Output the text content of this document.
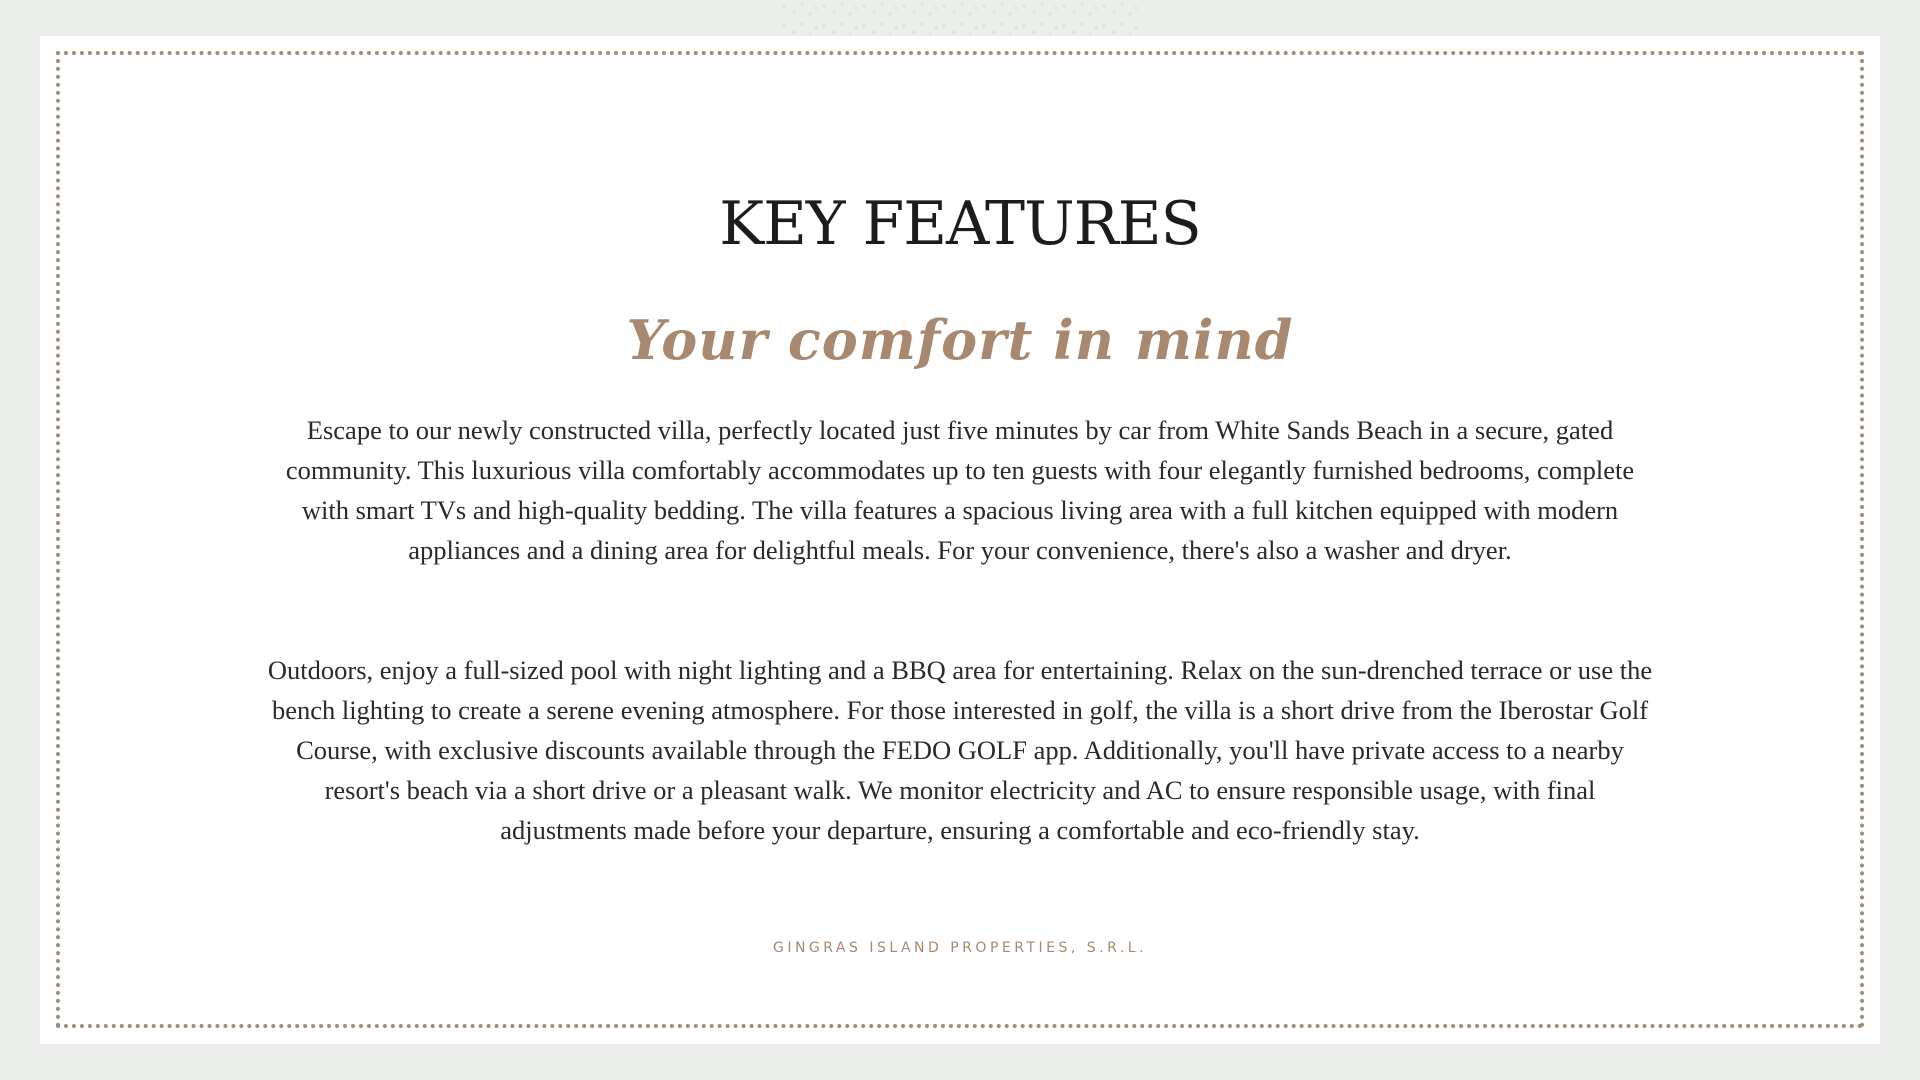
KEY FEATURES
Your comfort in mind

Escape to our newly constructed villa, perfectly located just five minutes by car from White Sands Beach in a secure, gated community. This luxurious villa comfortably accommodates up to ten guests with four elegantly furnished bedrooms, complete with smart TVs and high-quality bedding. The villa features a spacious living area with a full kitchen equipped with modern appliances and a dining area for delightful meals. For your convenience, there's also a washer and dryer.

Outdoors, enjoy a full-sized pool with night lighting and a BBQ area for entertaining. Relax on the sun-drenched terrace or use the bench lighting to create a serene evening atmosphere. For those interested in golf, the villa is a short drive from the Iberostar Golf Course, with exclusive discounts available through the FEDO GOLF app. Additionally, you'll have private access to a nearby resort's beach via a short drive or a pleasant walk. We monitor electricity and AC to ensure responsible usage, with final adjustments made before your departure, ensuring a comfortable and eco-friendly stay.

GINGRAS ISLAND PROPERTIES, S.R.L.
